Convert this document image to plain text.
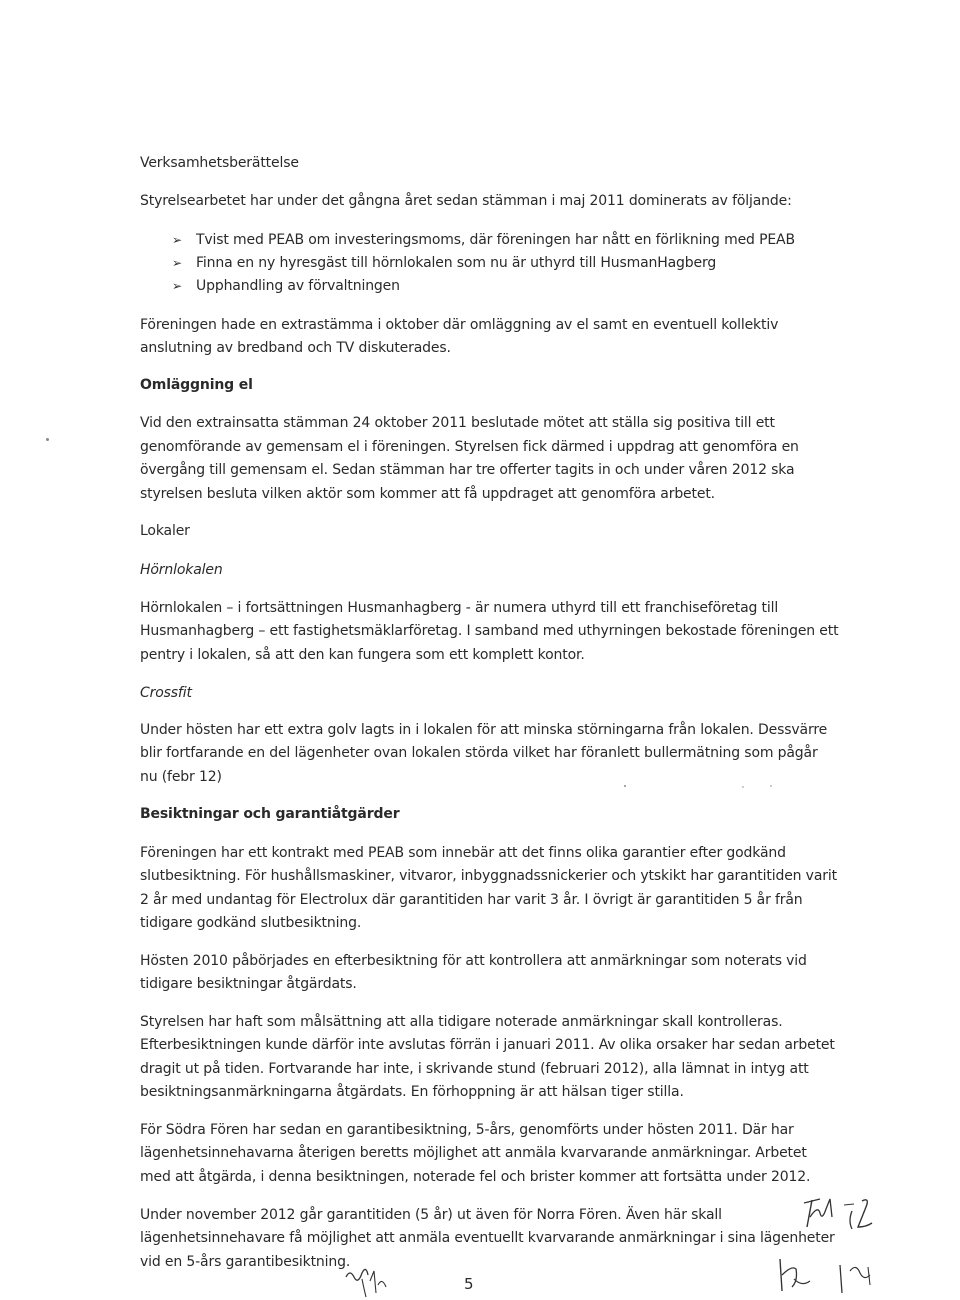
Verksamhetsberättelse

Styrelsearbetet har under det gångna året sedan stämman i maj 2011 dominerats av följande:

➢ Tvist med PEAB om investeringsmoms, där föreningen har nått en förlikning med PEAB
➢ Finna en ny hyresgäst till hörnlokalen som nu är uthyrd till HusmanHagberg
➢ Upphandling av förvaltningen

Föreningen hade en extrastämma i oktober där omläggning av el samt en eventuell kollektiv

anslutning av bredband och TV diskuterades.

Omläggning el

Vid den extrainsatta stämman 24 oktober 2011 beslutade mötet att ställa sig positiva till ett

genomförande av gemensam el i föreningen. Styrelsen fick därmed i uppdrag att genomföra en

övergång till gemensam el. Sedan stämman har tre offerter tagits in och under våren 2012 ska

styrelsen besluta vilken aktör som kommer att få uppdraget att genomföra arbetet.

Lokaler

Hörnlokalen

Hörnlokalen – i fortsättningen Husmanhagberg - är numera uthyrd till ett franchiseföretag till

Husmanhagberg – ett fastighetsmäklarföretag. I samband med uthyrningen bekostade föreningen ett

pentry i lokalen, så att den kan fungera som ett komplett kontor.

Crossfit

Under hösten har ett extra golv lagts in i lokalen för att minska störningarna från lokalen. Dessvärre

blir fortfarande en del lägenheter ovan lokalen störda vilket har föranlett bullermätning som pågår

nu (febr 12)

Besiktningar och garantiåtgärder

Föreningen har ett kontrakt med PEAB som innebär att det finns olika garantier efter godkänd

slutbesiktning. För hushållsmaskiner, vitvaror, inbyggnadssnickerier och ytskikt har garantitiden varit

2 år med undantag för Electrolux där garantitiden har varit 3 år. I övrigt är garantitiden 5 år från

tidigare godkänd slutbesiktning.

Hösten 2010 påbörjades en efterbesiktning för att kontrollera att anmärkningar som noterats vid

tidigare besiktningar åtgärdats.

Styrelsen har haft som målsättning att alla tidigare noterade anmärkningar skall kontrolleras.

Efterbesiktningen kunde därför inte avslutas förrän i januari 2011. Av olika orsaker har sedan arbetet

dragit ut på tiden. Fortvarande har inte, i skrivande stund (februari 2012), alla lämnat in intyg att

besiktningsanmärkningarna åtgärdats. En förhoppning är att hälsan tiger stilla.

För Södra Fören har sedan en garantibesiktning, 5-års, genomförts under hösten 2011. Där har

lägenhetsinnehavarna återigen beretts möjlighet att anmäla kvarvarande anmärkningar. Arbetet

med att åtgärda, i denna besiktningen, noterade fel och brister kommer att fortsätta under 2012.

Under november 2012 går garantitiden (5 år) ut även för Norra Fören. Även här skall

lägenhetsinnehavare få möjlighet att anmäla eventuellt kvarvarande anmärkningar i sina lägenheter

vid en 5-års garantibesiktning.

5
